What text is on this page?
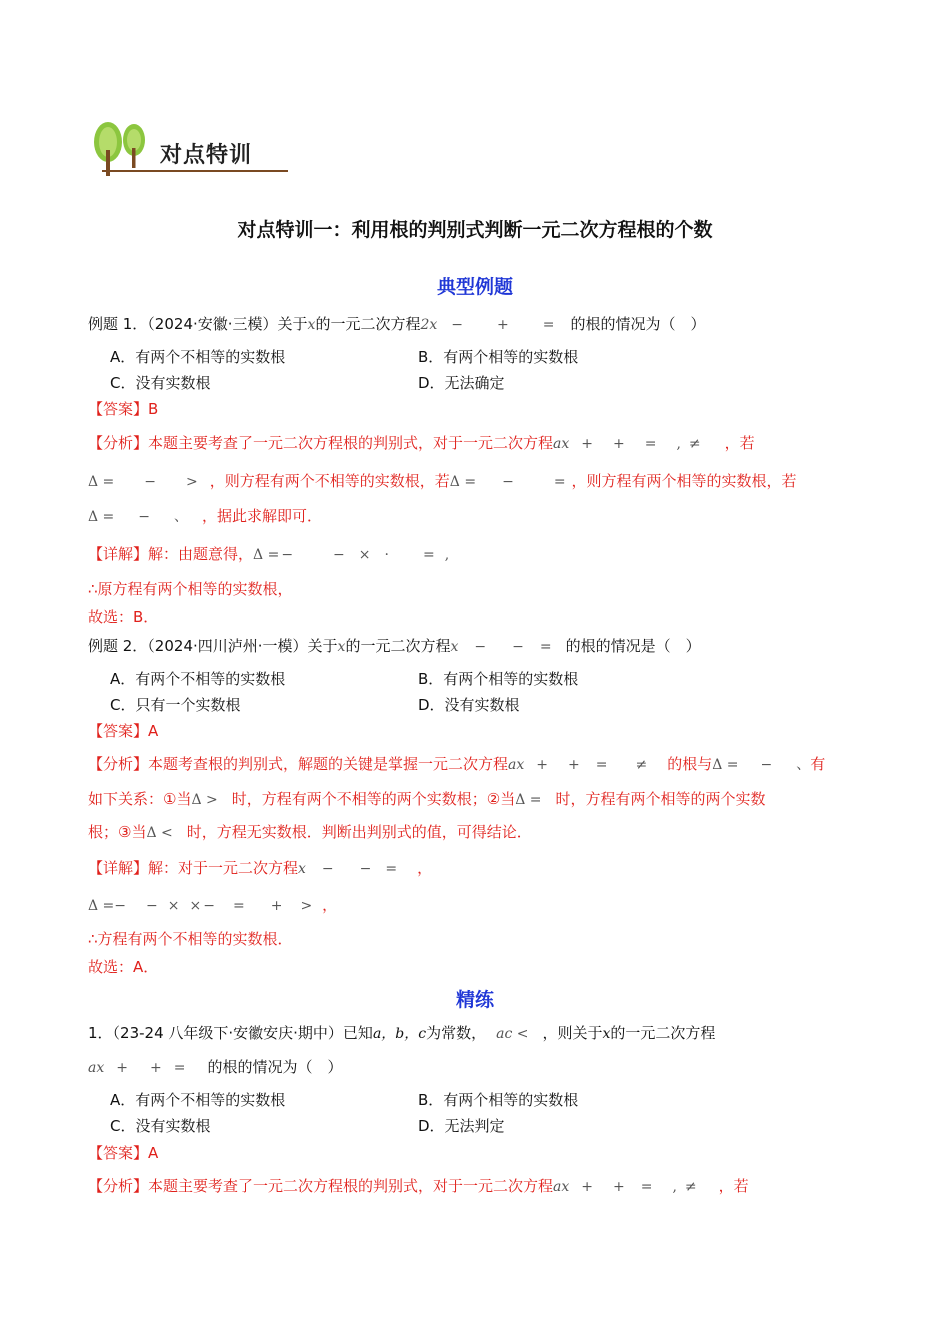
对点特训
对点特训一：利用根的判别式判断一元二次方程根的个数
典型例题
例题 1．（2024·安徽·三模）关于x的一元二次方程2x − + = 的根的情况为（　）
A．有两个不相等的实数根	B．有两个相等的实数根
C．没有实数根	D．无法确定
【答案】B
【分析】本题主要考查了一元二次方程根的判别式，对于一元二次方程ax + + = , ≠ ，若
Δ = − > ，则方程有两个不相等的实数根，若Δ = −	= ，则方程有两个相等的实数根，若
Δ = − 、 ，据此求解即可．
【详解】解：由题意得，Δ = −	− × · = ,
∴原方程有两个相等的实数根，
故选：B．
例题 2．（2024·四川泸州·一模）关于x的一元二次方程x − − = 的根的情况是（　）
A．有两个不相等的实数根	B．有两个相等的实数根
C．只有一个实数根	D．没有实数根
【答案】A
【分析】本题考查根的判别式，解题的关键是掌握一元二次方程ax + + = ≠ 的根与Δ = − 、有
如下关系：①当Δ > 时，方程有两个不相等的两个实数根；②当Δ = 时，方程有两个相等的两个实数
根；③当Δ < 时，方程无实数根．判断出判别式的值，可得结论．
【详解】解：对于一元二次方程x − − = ，
Δ =− − × × − = + > ，
∴方程有两个不相等的实数根．
故选：A．
精练
1．（23-24 八年级下·安徽安庆·期中）已知a，b，c为常数， ac < ，则关于x的一元二次方程
ax + + = 的根的情况为（　）
A．有两个不相等的实数根	B．有两个相等的实数根
C．没有实数根	D．无法判定
【答案】A
【分析】本题主要考查了一元二次方程根的判别式，对于一元二次方程ax + + = , ≠ ，若
